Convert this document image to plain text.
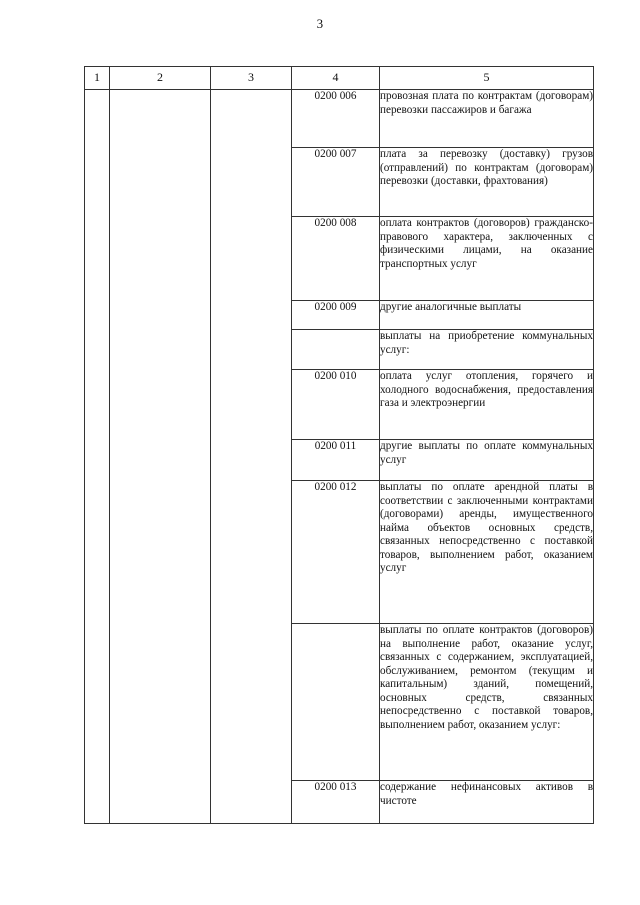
3
1	2	3	4	5
			0200 006	провозная плата по контрактам (договорам) перевозки пассажиров и багажа
			0200 007	плата за перевозку (доставку) грузов (отправлений) по контрактам (договорам) перевозки (доставки, фрахтования)
			0200 008	оплата контрактов (договоров) гражданско-правового характера, заключенных с физическими лицами, на оказание транспортных услуг
			0200 009	другие аналогичные выплаты
				выплаты на приобретение коммунальных услуг:
			0200 010	оплата услуг отопления, горячего и холодного водоснабжения, предоставления газа и электроэнергии
			0200 011	другие выплаты по оплате коммунальных услуг
			0200 012	выплаты по оплате арендной платы в соответствии с заключенными контрактами (договорами) аренды, имущественного найма объектов основных средств, связанных непосредственно с поставкой товаров, выполнением работ, оказанием услуг
				выплаты по оплате контрактов (договоров) на выполнение работ, оказание услуг, связанных с содержанием, эксплуатацией, обслуживанием, ремонтом (текущим и капитальным) зданий, помещений, основных средств, связанных непосредственно с поставкой товаров, выполнением работ, оказанием услуг:
			0200 013	содержание нефинансовых активов в чистоте
